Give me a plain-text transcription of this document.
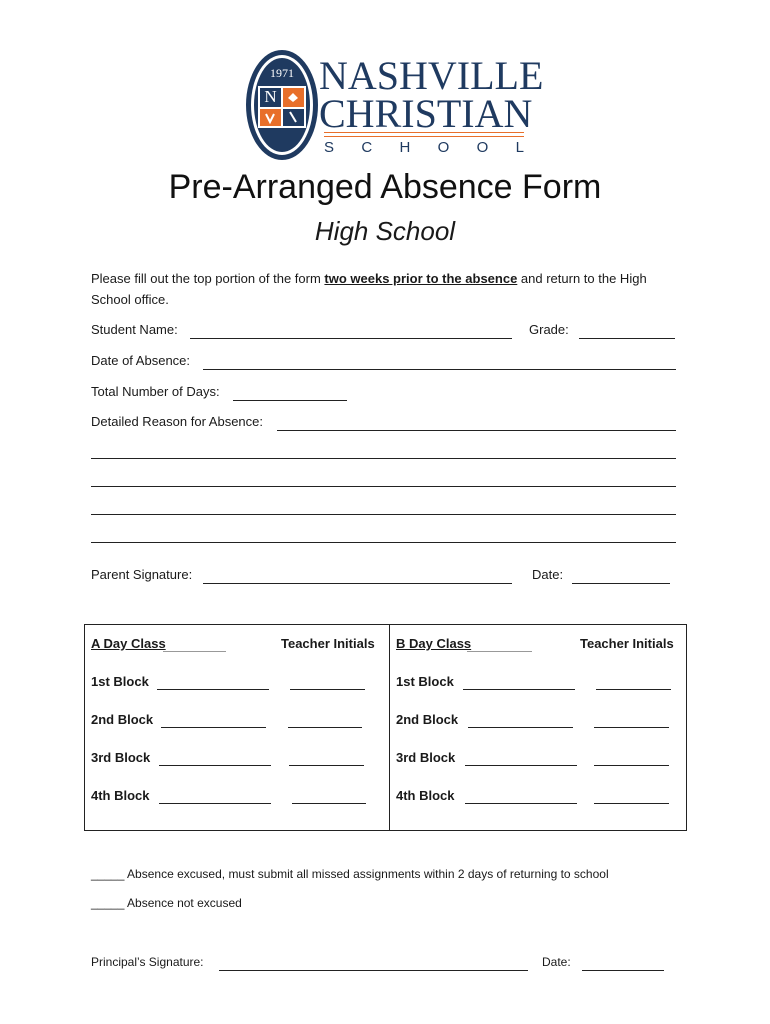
1971
N NASHVILLE
CHRISTIAN
S C H O O L
Pre-Arranged Absence Form
High School
Please fill out the top portion of the form two weeks prior to the absence and return to the High School office.
Student Name:	Grade:
Date of Absence:
Total Number of Days:
Detailed Reason for Absence:
Parent Signature:	Date:
A Day Class	Teacher Initials B Day Class	Teacher Initials
1st Block	1st Block
2nd Block	2nd Block
3rd Block	3rd Block
4th Block	4th Block
_____ Absence excused, must submit all missed assignments within 2 days of returning to school
_____ Absence not excused
Principal’s Signature:	Date:
